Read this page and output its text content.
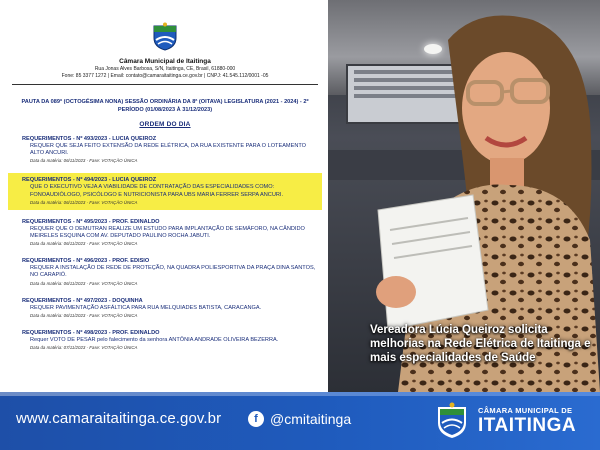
Câmara Municipal de Itaitinga
Rua Jonas Alves Barbosa, S/N, Itaitinga, CE, Brasil, 61880-000
Fone: 85 3377 1272 | Email: contato@camaraitaitinga.ce.gov.br | CNPJ: 41.545.112/0001 -05
PAUTA DA 089ª (OCTOGÉSIMA NONA) SESSÃO ORDINÁRIA DA 8ª (OITAVA) LEGISLATURA (2021 - 2024) - 2º PERÍODO (01/08/2023 À 31/12/2023)
ORDEM DO DIA
REQUERIMENTOS - Nº 493/2023 - LUCIA QUEIROZ
REQUER QUE SEJA FEITO EXTENSÃO DA REDE ELÉTRICA, DA RUA EXISTENTE PARA O LOTEAMENTO ALTO ANCURI.
Data da matéria: 06/11/2023 · Fase: VOTAÇÃO ÚNICA
REQUERIMENTOS - Nº 494/2023 - LUCIA QUEIROZ
QUE O EXECUTIVO VEJA A VIABILIDADE DE CONTRATAÇÃO DAS ESPECIALIDADES COMO: FONOAUDIÓLOGO, PSICÓLOGO E NUTRICIONISTA PARA UBS MARIA FERRER SERPA ANCURI.
Data da matéria: 06/11/2023 · Fase: VOTAÇÃO ÚNICA
REQUERIMENTOS - Nº 495/2023 - PROF. EDINALDO
REQUER QUE O DEMUTRAN REALIZE UM ESTUDO PARA IMPLANTAÇÃO DE SEMÁFORO, NA CÂNDIDO MEIRELES ESQUINA COM AV. DEPUTADO PAULINO ROCHA JABUTI.
Data da matéria: 06/11/2023 · Fase: VOTAÇÃO ÚNICA
REQUERIMENTOS - Nº 496/2023 - PROF. EDISIO
REQUER A INSTALAÇÃO DE REDE DE PROTEÇÃO, NA QUADRA POLIESPORTIVA DA PRAÇA DINA SANTOS, NO CARAPIÓ.
Data da matéria: 06/11/2023 · Fase: VOTAÇÃO ÚNICA
REQUERIMENTOS - Nº 497/2023 - DOQUINHA
REQUER PAVIMENTAÇÃO ASFÁLTICA PARA RUA MELQUIADES BATISTA, CARACANGA.
Data da matéria: 06/11/2023 · Fase: VOTAÇÃO ÚNICA
REQUERIMENTOS - Nº 498/2023 - PROF. EDINALDO
Requer VOTO DE PESAR pelo falecimento da senhora ANTÔNIA ANDRADE OLIVEIRA BEZERRA.
Data da matéria: 07/11/2023 · Fase: VOTAÇÃO ÚNICA
Vereadora Lúcia Queiroz solicita melhorias na Rede Elétrica de Itaitinga e mais especialidades de Saúde
www.camaraitaitinga.ce.gov.br	f @cmitaitinga
CÂMARA MUNICIPAL DE
ITAITINGA
